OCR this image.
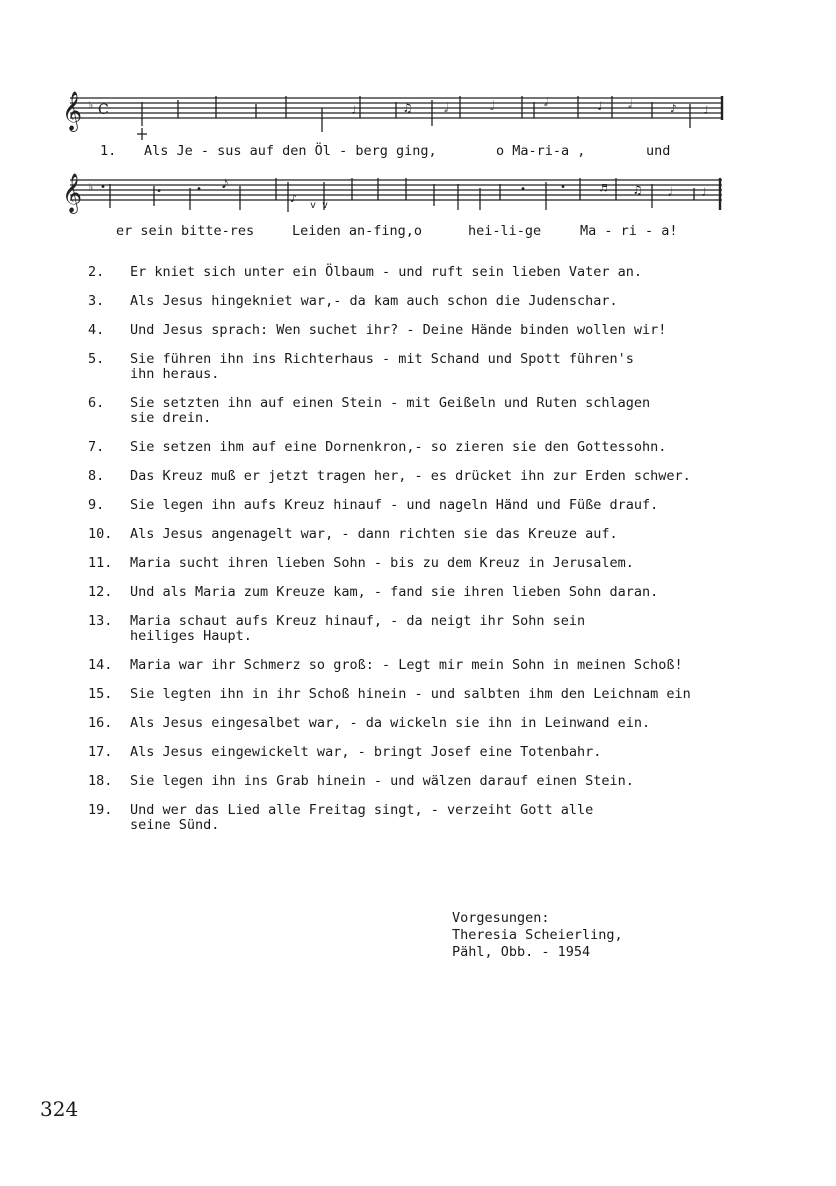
𝄞 ♭ C	♩	♫	𝅗𝅥	𝅗𝅥	𝅗𝅥	♩ 𝅗𝅥	♪ ♩
1. Als Je - sus auf den Öl - berg ging,	o Ma-ri-a ,	und
𝄞 ♭ •	•	• 𝅘𝅥𝅮
♪
v v
•	•	♬ ♫ 𝅗𝅥 ♩
er sein bitte-res	Leiden an-fing,o	hei-li-ge	Ma - ri - a!
2.	Er kniet sich unter ein Ölbaum - und ruft sein lieben Vater an.
3.	Als Jesus hingekniet war,- da kam auch schon die Judenschar.
4.	Und Jesus sprach: Wen suchet ihr? - Deine Hände binden wollen wir!
5.	Sie führen ihn ins Richterhaus - mit Schand und Spott führen's
ihn heraus.
6.	Sie setzten ihn auf einen Stein - mit Geißeln und Ruten schlagen
sie drein.
7.	Sie setzen ihm auf eine Dornenkron,- so zieren sie den Gottessohn.
8.	Das Kreuz muß er jetzt tragen her, - es drücket ihn zur Erden schwer.
9.	Sie legen ihn aufs Kreuz hinauf - und nageln Händ und Füße drauf.
10.	Als Jesus angenagelt war, - dann richten sie das Kreuze auf.
11.	Maria sucht ihren lieben Sohn - bis zu dem Kreuz in Jerusalem.
12.	Und als Maria zum Kreuze kam, - fand sie ihren lieben Sohn daran.
13.	Maria schaut aufs Kreuz hinauf, - da neigt ihr Sohn sein
heiliges Haupt.
14.	Maria war ihr Schmerz so groß: - Legt mir mein Sohn in meinen Schoß!
15.	Sie legten ihn in ihr Schoß hinein - und salbten ihm den Leichnam ein
16.	Als Jesus eingesalbet war, - da wickeln sie ihn in Leinwand ein.
17.	Als Jesus eingewickelt war, - bringt Josef eine Totenbahr.
18.	Sie legen ihn ins Grab hinein - und wälzen darauf einen Stein.
19.	Und wer das Lied alle Freitag singt, - verzeiht Gott alle
seine Sünd.
Vorgesungen:
Theresia Scheierling,
Pähl, Obb. - 1954
324
